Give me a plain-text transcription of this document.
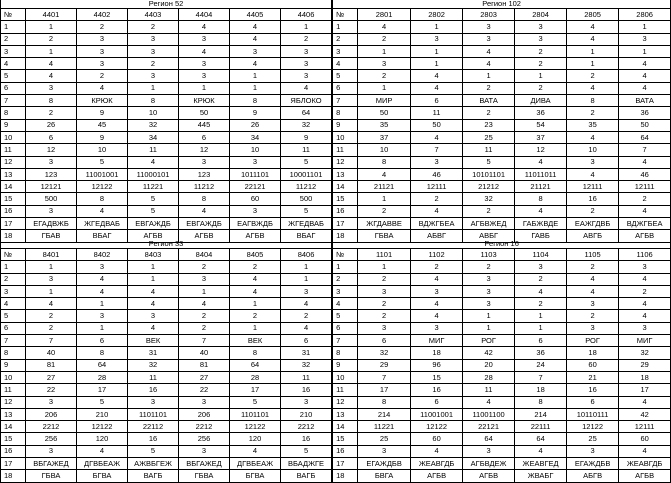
Регион 52							Регион 102						
№	4401	4402	4403	4404	4405	4406		№	2801	2802	2803	2804	2805	2806
1	1	2	2	4	4	1		1	4	1	3	3	4	1
2	2	3	3	3	4	2		2	2	3	3	3	4	3
3	1	3	3	4	3	3		3	1	1	4	2	1	1
4	4	3	2	3	4	3		4	3	1	4	2	1	4
5	4	2	3	3	1	3		5	2	4	1	1	2	4
6	3	4	1	1	1	4		6	1	4	2	2	4	4
7	8	КРЮК	8	КРЮК	8	ЯБЛОКО		7	МИР	6	ВАТА	ДИВА	8	ВАТА
8	2	9	10	50	9	64		8	50	11	2	36	2	36
9	26	45	32	445	26	32		9	35	50	23	54	35	50
10	6	9	34	6	34	9		10	37	4	25	37	4	64
11	12	10	11	12	10	11		11	10	7	11	12	10	7
12	3	5	4	3	3	5		12	8	3	5	4	3	4
13	123	11001001	11000101	123	1011101	10001101		13	4	46	10101101	11011011	4	46
14	12121	12122	11221	11212	22121	11212		14	21121	12111	21212	21121	12111	12111
15	500	8	5	8	60	500		15	1	2	32	8	16	2
16	3	4	5	4	3	5		16	2	4	2	4	2	4
17	ЕГАДВЖБ	ЖГЕДВАБ	ЕВГАЖДБ	ЕВГАЖДБ	ЕАГВЖДБ	ЖГЕДВАБ		17	ЖГДАВВЕ	ВДЖГБЕА	АГБВЖЕД	ГАБЖВДЕ	ЕАЖГДВБ	ВДЖГБЕА
18	ГБАВ	ВБАГ	АГБВ	АГБВ	АГБВ	ВБАГ		18	ГБВА	АБВГ	АВБГ	ГАВБ	АВГБ	АГБВ
Регион 33							Регион 16						
№	8401	8402	8403	8404	8405	8406		№	1101	1102	1103	1104	1105	1106
1	1	3	1	2	2	1		1	1	2	2	3	2	3
2	3	4	1	3	4	1		2	2	4	3	2	4	4
3	1	4	4	1	4	3		3	3	3	3	4	4	2
4	4	1	4	4	1	4		4	2	4	3	2	3	4
5	2	3	3	2	2	2		5	2	4	1	1	2	4
6	2	1	4	2	1	4		6	3	3	1	1	3	3
7	7	6	ВЕК	7	ВЕК	6		7	6	МИГ	РОГ	6	РОГ	МИГ
8	40	8	31	40	8	31		8	32	18	42	36	18	32
9	81	64	32	81	64	32		9	29	96	20	24	60	29
10	27	28	11	27	28	11		10	7	15	28	7	21	18
11	22	17	16	22	17	16		11	17	16	11	18	16	17
12	3	5	3	3	5	3		12	8	6	4	8	6	4
13	206	210	1101101	206	1101101	210		13	214	11001001	11001100	214	10110111	42
14	2212	12122	22112	2212	12122	2212		14	11221	12122	22121	22111	12122	12111
15	256	120	16	256	120	16		15	25	60	64	64	25	60
16	3	4	5	3	4	5		16	3	4	3	4	3	4
17	ВБГАЖЕД	ДГВБЕАЖ	АЖВБГЕЖ	ВБГАЖЕД	ДГВБЕАЖ	ВБАДЖГЕ		17	ЕГАЖДБВ	ЖЕАВГДБ	АГБВДЕЖ	ЖЕАВГЕД	ЕГАЖДБВ	ЖЕАВГДБ
18	ГБВА	БГВА	ВАГБ	ГБВА	БГВА	ВАГБ		18	БВГА	АГБВ	АГБВ	ЖВАБГ	АБГВ	АГБВ
